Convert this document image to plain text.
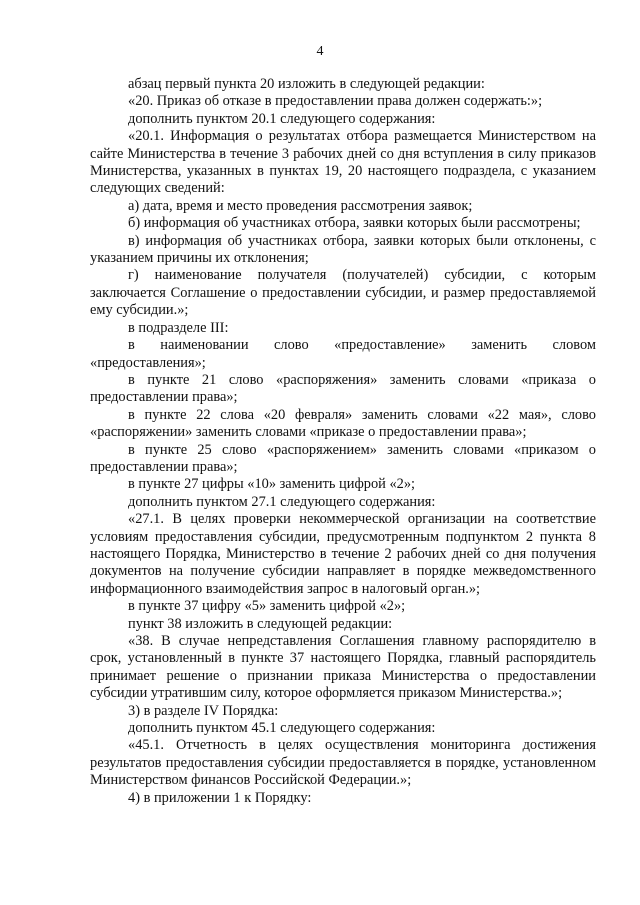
4

абзац первый пункта 20 изложить в следующей редакции:

«20. Приказ об отказе в предоставлении права должен содержать:»;

дополнить пунктом 20.1 следующего содержания:

«20.1. Информация о результатах отбора размещается Министерством на сайте Министерства в течение 3 рабочих дней со дня вступления в силу приказов Министерства, указанных в пунктах 19, 20 настоящего подраздела, с указанием следующих сведений:

а) дата, время и место проведения рассмотрения заявок;

б) информация об участниках отбора, заявки которых были рассмотрены;

в) информация об участниках отбора, заявки которых были отклонены, с указанием причины их отклонения;

г) наименование получателя (получателей) субсидии, с которым заключается Соглашение о предоставлении субсидии, и размер предоставляемой ему субсидии.»;

в подразделе III:

в наименовании слово «предоставление» заменить словом «предоставления»;

в пункте 21 слово «распоряжения» заменить словами «приказа о предоставлении права»;

в пункте 22 слова «20 февраля» заменить словами «22 мая», слово «распоряжении» заменить словами «приказе о предоставлении права»;

в пункте 25 слово «распоряжением» заменить словами «приказом о предоставлении права»;

в пункте 27 цифры «10» заменить цифрой «2»;

дополнить пунктом 27.1 следующего содержания:

«27.1. В целях проверки некоммерческой организации на соответствие условиям предоставления субсидии, предусмотренным подпунктом 2 пункта 8 настоящего Порядка, Министерство в течение 2 рабочих дней со дня получения документов на получение субсидии направляет в порядке межведомственного информационного взаимодействия запрос в налоговый орган.»;

в пункте 37 цифру «5» заменить цифрой «2»;

пункт 38 изложить в следующей редакции:

«38. В случае непредставления Соглашения главному распорядителю в срок, установленный в пункте 37 настоящего Порядка, главный распорядитель принимает решение о признании приказа Министерства о предоставлении субсидии утратившим силу, которое оформляется приказом Министерства.»;

3) в разделе IV Порядка:

дополнить пунктом 45.1 следующего содержания:

«45.1. Отчетность в целях осуществления мониторинга достижения результатов предоставления субсидии предоставляется в порядке, установленном Министерством финансов Российской Федерации.»;

4) в приложении 1 к Порядку:
